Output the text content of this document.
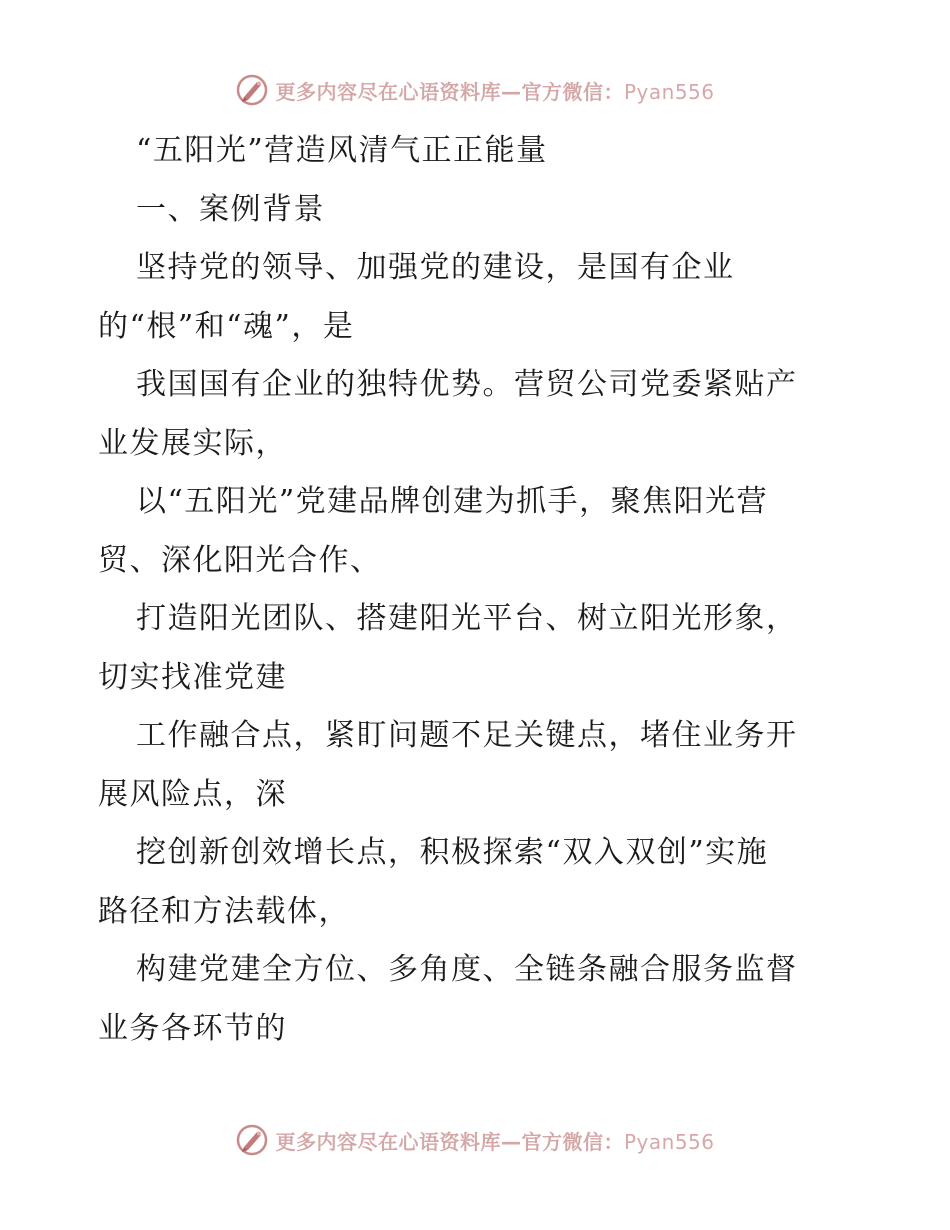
更多内容尽在心语资料库—官方微信：Pyan556
“五阳光”营造风清气正正能量
一、案例背景
坚持党的领导、加强党的建设，是国有企业
的“根”和“魂”，是
我国国有企业的独特优势。营贸公司党委紧贴产
业发展实际，
以“五阳光”党建品牌创建为抓手，聚焦阳光营
贸、深化阳光合作、
打造阳光团队、搭建阳光平台、树立阳光形象，
切实找准党建
工作融合点，紧盯问题不足关键点，堵住业务开
展风险点，深
挖创新创效增长点，积极探索“双入双创”实施
路径和方法载体，
构建党建全方位、多角度、全链条融合服务监督
业务各环节的
更多内容尽在心语资料库—官方微信：Pyan556
